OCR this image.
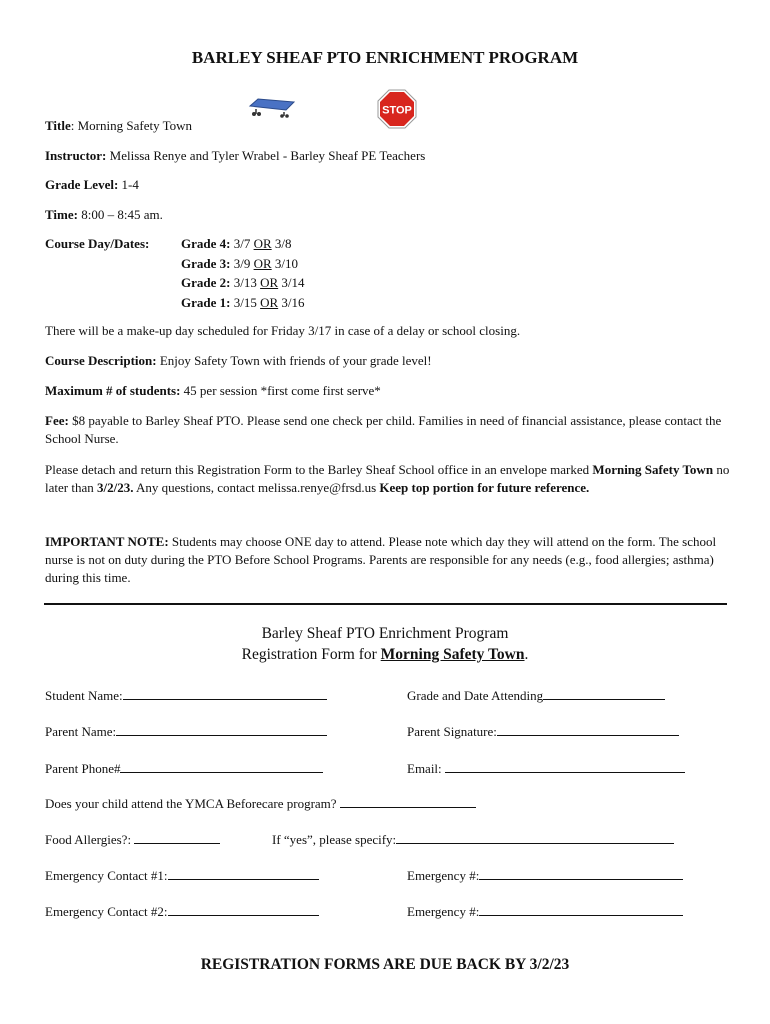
BARLEY SHEAF PTO ENRICHMENT PROGRAM
STOP
Title: Morning Safety Town
Instructor: Melissa Renye and Tyler Wrabel - Barley Sheaf PE Teachers
Grade Level: 1-4
Time: 8:00 – 8:45 am.
Course Day/Dates: Grade 4: 3/7 OR 3/8
Grade 3: 3/9 OR 3/10
Grade 2: 3/13 OR 3/14
Grade 1: 3/15 OR 3/16
There will be a make-up day scheduled for Friday 3/17 in case of a delay or school closing.
Course Description: Enjoy Safety Town with friends of your grade level!
Maximum # of students: 45 per session *first come first serve*
Fee: $8 payable to Barley Sheaf PTO. Please send one check per child. Families in need of financial assistance, please contact the School Nurse.
Please detach and return this Registration Form to the Barley Sheaf School office in an envelope marked Morning Safety Town no later than 3/2/23. Any questions, contact melissa.renye@frsd.us Keep top portion for future reference.
IMPORTANT NOTE: Students may choose ONE day to attend. Please note which day they will attend on the form. The school nurse is not on duty during the PTO Before School Programs. Parents are responsible for any needs (e.g., food allergies; asthma) during this time.
Barley Sheaf PTO Enrichment Program
Registration Form for Morning Safety Town.
Student Name:	Grade and Date Attending
Parent Name:	Parent Signature:
Parent Phone#	Email:
Does your child attend the YMCA Beforecare program?
Food Allergies?:	If “yes”, please specify:
Emergency Contact #1:	Emergency #:
Emergency Contact #2:	Emergency #:
REGISTRATION FORMS ARE DUE BACK BY 3/2/23
